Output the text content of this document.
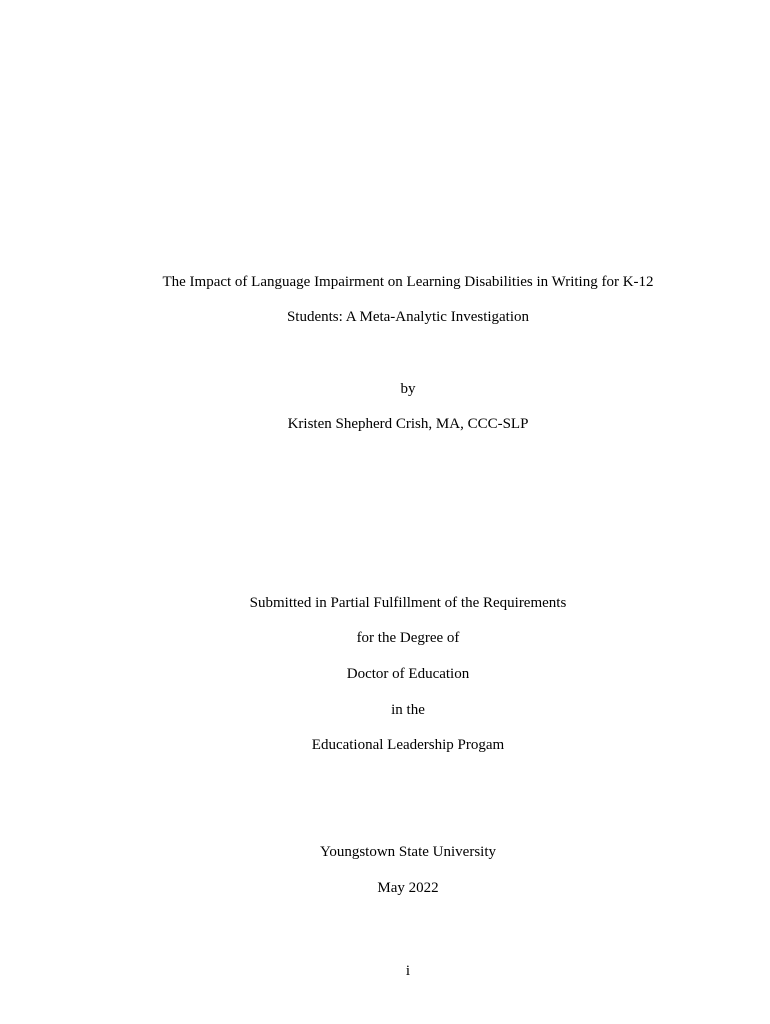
The Impact of Language Impairment on Learning Disabilities in Writing for K-12
Students: A Meta-Analytic Investigation
by
Kristen Shepherd Crish, MA, CCC-SLP
Submitted in Partial Fulfillment of the Requirements
for the Degree of
Doctor of Education
in the
Educational Leadership Progam
Youngstown State University
May 2022
i
